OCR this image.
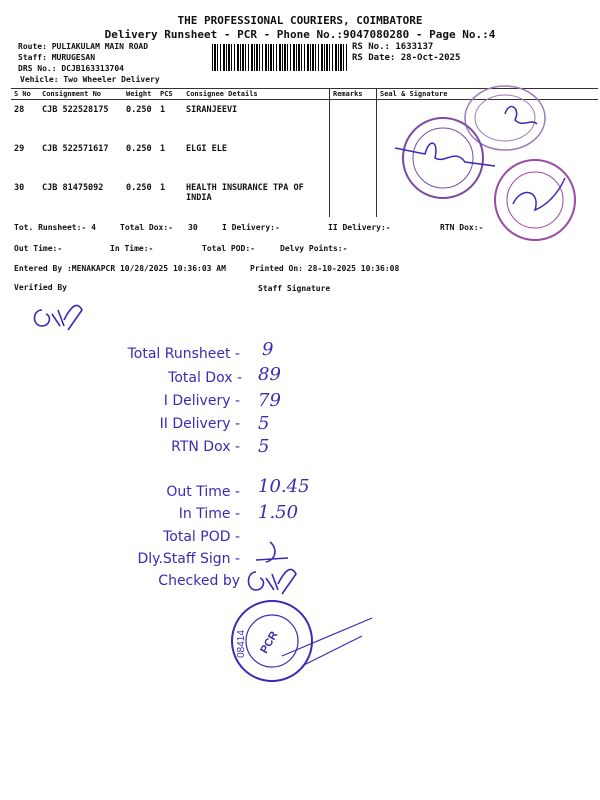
THE PROFESSIONAL COURIERS, COIMBATORE
Delivery Runsheet - PCR - Phone No.:9047080280 - Page No.:4
Route: PULIAKULAM MAIN ROAD
Staff: MURUGESAN
DRS No.: DCJB163313704
Vehicle: Two Wheeler Delivery
RS No.: 1633137
RS Date: 28-Oct-2025
S No	Consignment No	Weight	PCS	Consignee Details	Remarks	Seal & Signature
28	CJB 522528175	0.250	1	SIRANJEEVI		
29	CJB 522571617	0.250	1	ELGI ELE		
30	CJB 81475092	0.250	1	HEALTH INSURANCE TPA OF INDIA		
Tot. Runsheet:- 4	Total Dox:- 30	I Delivery:-	II Delivery:-	RTN Dox:-
Out Time:-	In Time:-	Total POD:-	Delvy Points:-
Entered By :MENAKAPCR 10/28/2025 10:36:03 AM	Printed On: 28-10-2025 10:36:08
Verified By	Staff Signature
Total Runsheet - 9
Total Dox - 89
I Delivery - 79
II Delivery - 5
RTN Dox - 5
Out Time - 10.45
In Time - 1.50
Total POD -
Dly.Staff Sign -
Checked by
PCR
08414
